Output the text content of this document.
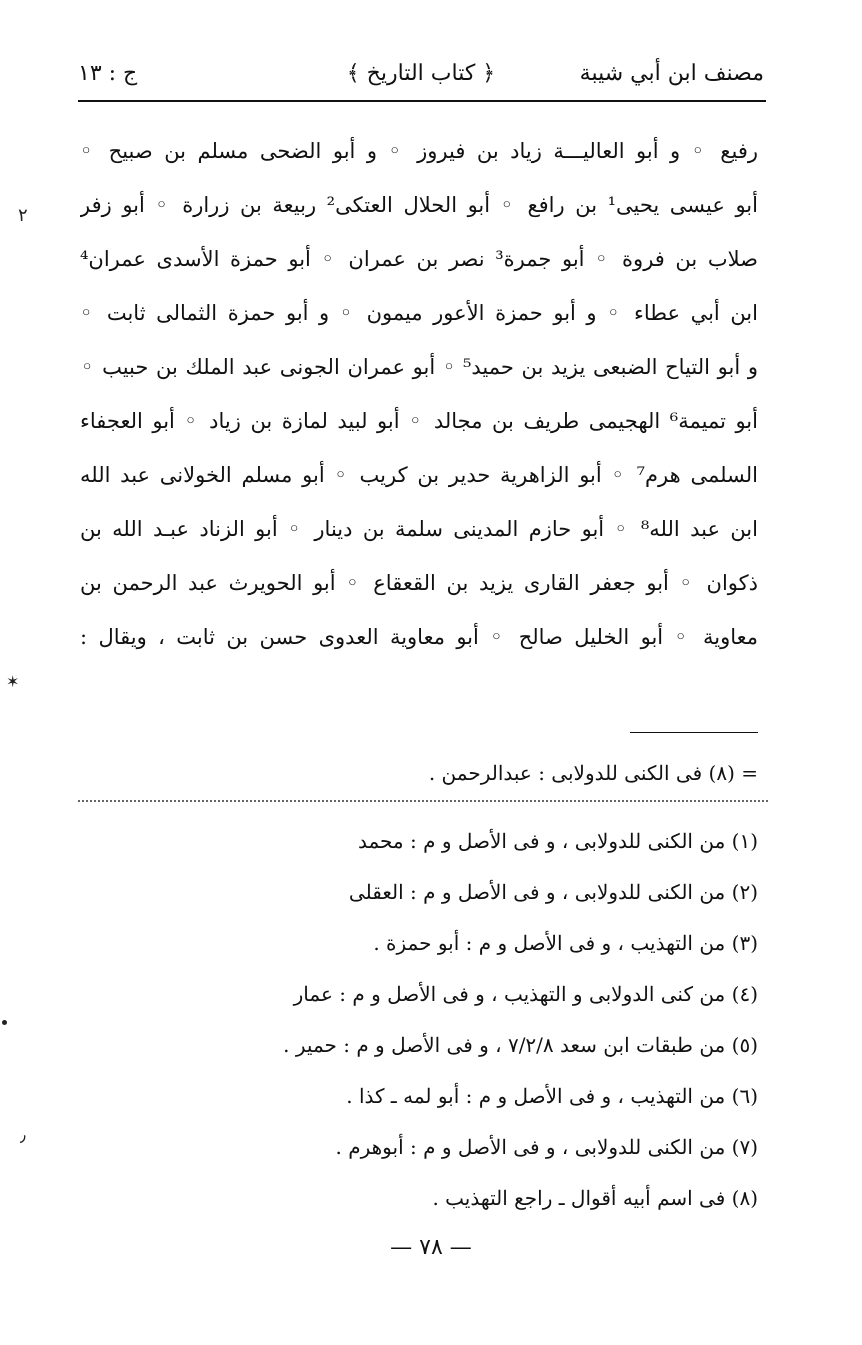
مصنف ابن أبي شيبة
﴿ كتاب التاريخ ﴾
ج : ١٣
رفيع ◦ و أبو العاليـــة زياد بن فيروز ◦ و أبو الضحى مسلم بن صبيح ◦
أبو عيسى يحيى¹ بن رافع ◦ أبو الحلال العتكى² ربيعة بن زرارة ◦ أبو زفر
صلاب بن فروة ◦ أبو جمرة³ نصر بن عمران ◦ أبو حمزة الأسدى عمران⁴
ابن أبي عطاء ◦ و أبو حمزة الأعور ميمون ◦ و أبو حمزة الثمالى ثابت ◦
و أبو التياح الضبعى يزيد بن حميد⁵ ◦ أبو عمران الجونى عبد الملك بن حبيب ◦
أبو تميمة⁶ الهجيمى طريف بن مجالد ◦ أبو لبيد لمازة بن زياد ◦ أبو العجفاء
السلمى هرم⁷ ◦ أبو الزاهرية حدير بن كريب ◦ أبو مسلم الخولانى عبد الله
ابن عبد الله⁸ ◦ أبو حازم المدينى سلمة بن دينار ◦ أبو الزناد عبـد الله بن
ذكوان ◦ أبو جعفر القارى يزيد بن القعقاع ◦ أبو الحويرث عبد الرحمن بن
معاوية ◦ أبو الخليل صالح ◦ أبو معاوية العدوى حسن بن ثابت ، ويقال :
= (٨) فى الكنى للدولابى : عبدالرحمن .
(١) من الكنى للدولابى ، و فى الأصل و م : محمد
(٢) من الكنى للدولابى ، و فى الأصل و م : العقلى
(٣) من التهذيب ، و فى الأصل و م : أبو حمزة .
(٤) من كنى الدولابى و التهذيب ، و فى الأصل و م : عمار
(٥) من طبقات ابن سعد ٧/٢/٨ ، و فى الأصل و م : حمير .
(٦) من التهذيب ، و فى الأصل و م : أبو لمه ـ كذا .
(٧) من الكنى للدولابى ، و فى الأصل و م : أبوهرم .
(٨) فى اسم أبيه أقوال ـ راجع التهذيب .
— ٧٨ —
٢
✶
٫
